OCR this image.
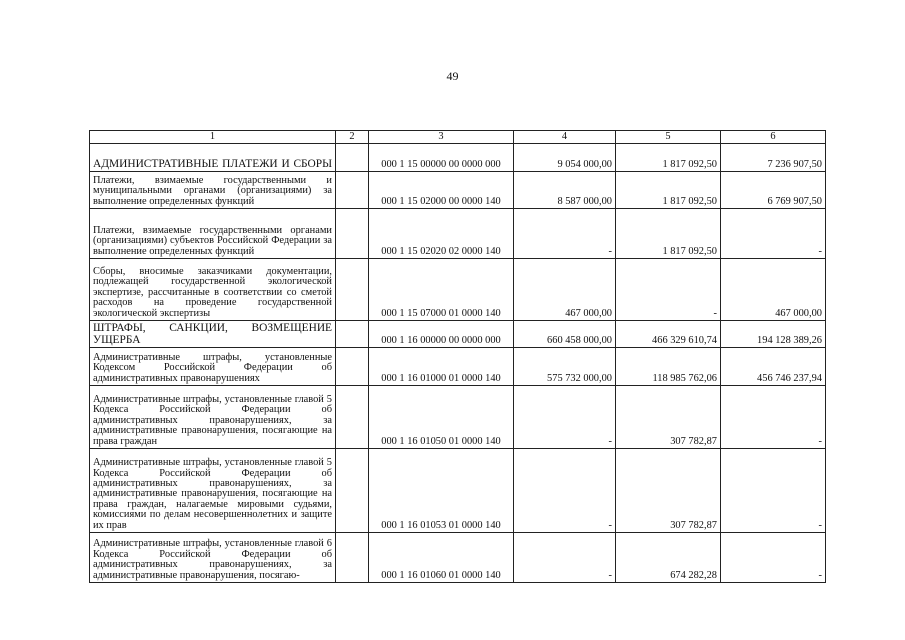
49
1	2	3	4	5	6
АДМИНИСТРАТИВНЫЕ ПЛАТЕЖИ И СБОРЫ		000 1 15 00000 00 0000 000	9 054 000,00	1 817 092,50	7 236 907,50
Платежи, взимаемые государственными и муниципальными органами (организациями) за выполнение определенных функций		000 1 15 02000 00 0000 140	8 587 000,00	1 817 092,50	6 769 907,50
Платежи, взимаемые государственными органами (организациями) субъектов Российской Федерации за выполнение определенных функций		000 1 15 02020 02 0000 140	-	1 817 092,50	-
Сборы, вносимые заказчиками документации, подлежащей государственной экологической экспертизе, рассчитанные в соответствии со сметой расходов на проведение государственной экологической экспертизы		000 1 15 07000 01 0000 140	467 000,00	-	467 000,00
ШТРАФЫ, САНКЦИИ, ВОЗМЕЩЕНИЕ УЩЕРБА		000 1 16 00000 00 0000 000	660 458 000,00	466 329 610,74	194 128 389,26
Административные штрафы, установленные Кодексом Российской Федерации об административных правонарушениях		000 1 16 01000 01 0000 140	575 732 000,00	118 985 762,06	456 746 237,94
Административные штрафы, установленные главой 5 Кодекса Российской Федерации об административных правонарушениях, за административные правонарушения, посягающие на права граждан		000 1 16 01050 01 0000 140	-	307 782,87	-
Административные штрафы, установленные главой 5 Кодекса Российской Федерации об административных правонарушениях, за административные правонарушения, посягающие на права граждан, налагаемые мировыми судьями, комиссиями по делам несовершеннолетних и защите их прав		000 1 16 01053 01 0000 140	-	307 782,87	-
Административные штрафы, установленные главой 6 Кодекса Российской Федерации об административных правонарушениях, за административные правонарушения, посягаю-		000 1 16 01060 01 0000 140	-	674 282,28	-
